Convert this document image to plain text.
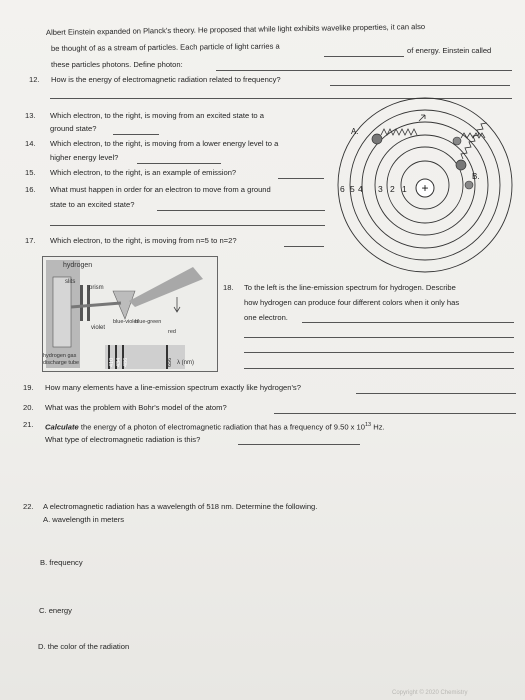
Albert Einstein expanded on Planck's theory. He proposed that while light exhibits wavelike properties, it can also
be thought of as a stream of particles. Each particle of light carries a	of energy. Einstein called
these particles photons. Define photon:
12. How is the energy of electromagnetic radiation related to frequency?
13. Which electron, to the right, is moving from an excited state to a
ground state?
14. Which electron, to the right, is moving from a lower energy level to a
higher energy level?
15. Which electron, to the right, is an example of emission?
16. What must happen in order for an electron to move from a ground
state to an excited state?
17. Which electron, to the right, is moving from n=5 to n=2?
+
6 5 4 3 2 1
A.
B.
hydrogen
slits
prism
violet
blue-violet
blue-green
red
hydrogen gas
discharge tube	410 434 486	656 λ (nm)
18. To the left is the line-emission spectrum for hydrogen. Describe
how hydrogen can produce four different colors when it only has
one electron.
19. How many elements have a line-emission spectrum exactly like hydrogen's?
20. What was the problem with Bohr's model of the atom?
21. Calculate the energy of a photon of electromagnetic radiation that has a frequency of 9.50 x $10^{13}$ Hz.
What type of electromagnetic radiation is this?
22. A electromagnetic radiation has a wavelength of 518 nm. Determine the following.
A. wavelength in meters
B. frequency
C. energy
D. the color of the radiation
Copyright © 2020 Chemistry
